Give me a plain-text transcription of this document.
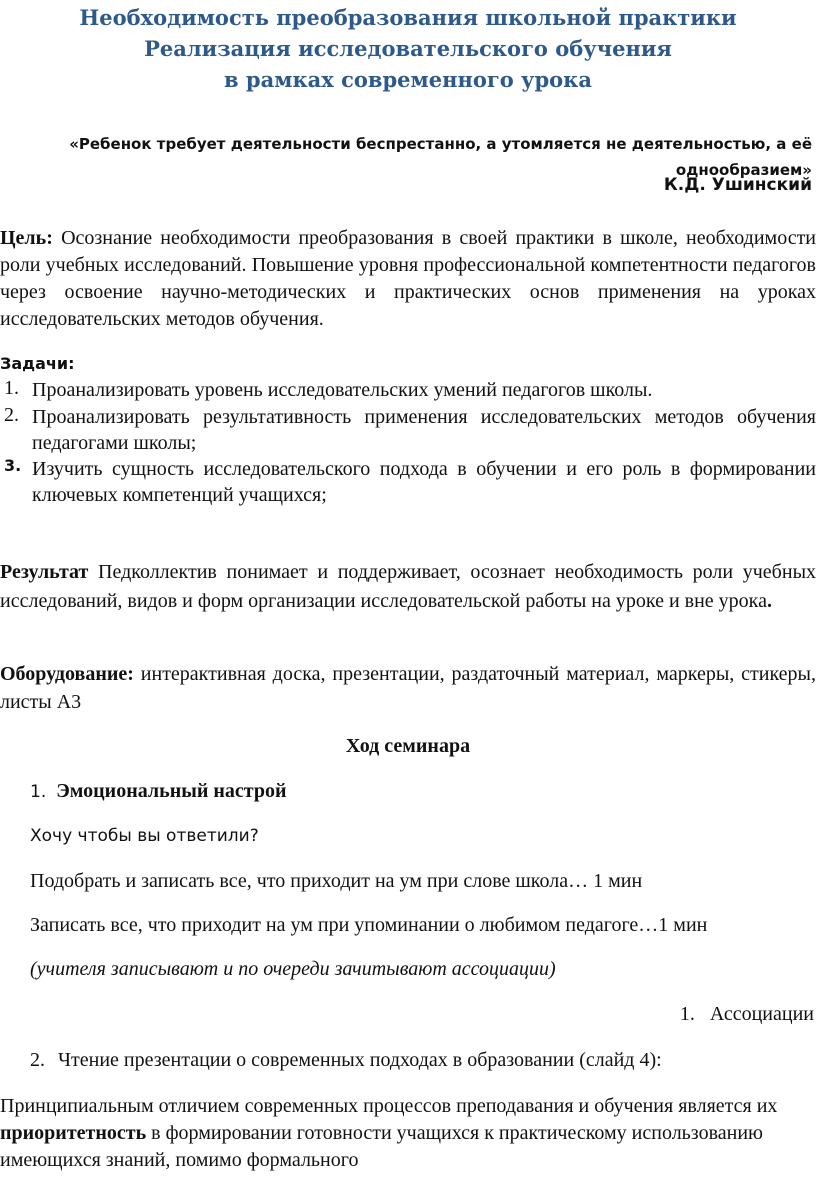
Необходимость преобразования школьной практики
Реализация исследовательского обучения
в рамках современного урока
«Ребенок требует деятельности беспрестанно, а утомляется не деятельностью, а её однообразием»
К.Д. Ушинский
Цель: Осознание необходимости преобразования в своей практики в школе, необходимости роли учебных исследований. Повышение уровня профессиональной компетентности педагогов через освоение научно-методических и практических основ применения на уроках исследовательских методов обучения.
Задачи:
1. Проанализировать уровень исследовательских умений педагогов школы.
2. Проанализировать результативность применения исследовательских методов обучения педагогами школы;
3. Изучить сущность исследовательского подхода в обучении и его роль в формировании ключевых компетенций учащихся;
Результат Педколлектив понимает и поддерживает, осознает необходимость роли учебных исследований, видов и форм организации исследовательской работы на уроке и вне урока.
Оборудование: интерактивная доска, презентации, раздаточный материал, маркеры, стикеры, листы А3
Ход семинара
1. Эмоциональный настрой
Хочу чтобы вы ответили?
Подобрать и записать все, что приходит на ум при слове школа… 1 мин
Записать все, что приходит на ум при упоминании о любимом педагоге…1 мин
(учителя записывают и по очереди зачитывают ассоциации)
1. Ассоциации
2. Чтение презентации о современных подходах в образовании (слайд 4):
Принципиальным отличием современных процессов преподавания и обучения является их приоритетность в формировании готовности учащихся к практическому использованию имеющихся знаний, помимо формального
